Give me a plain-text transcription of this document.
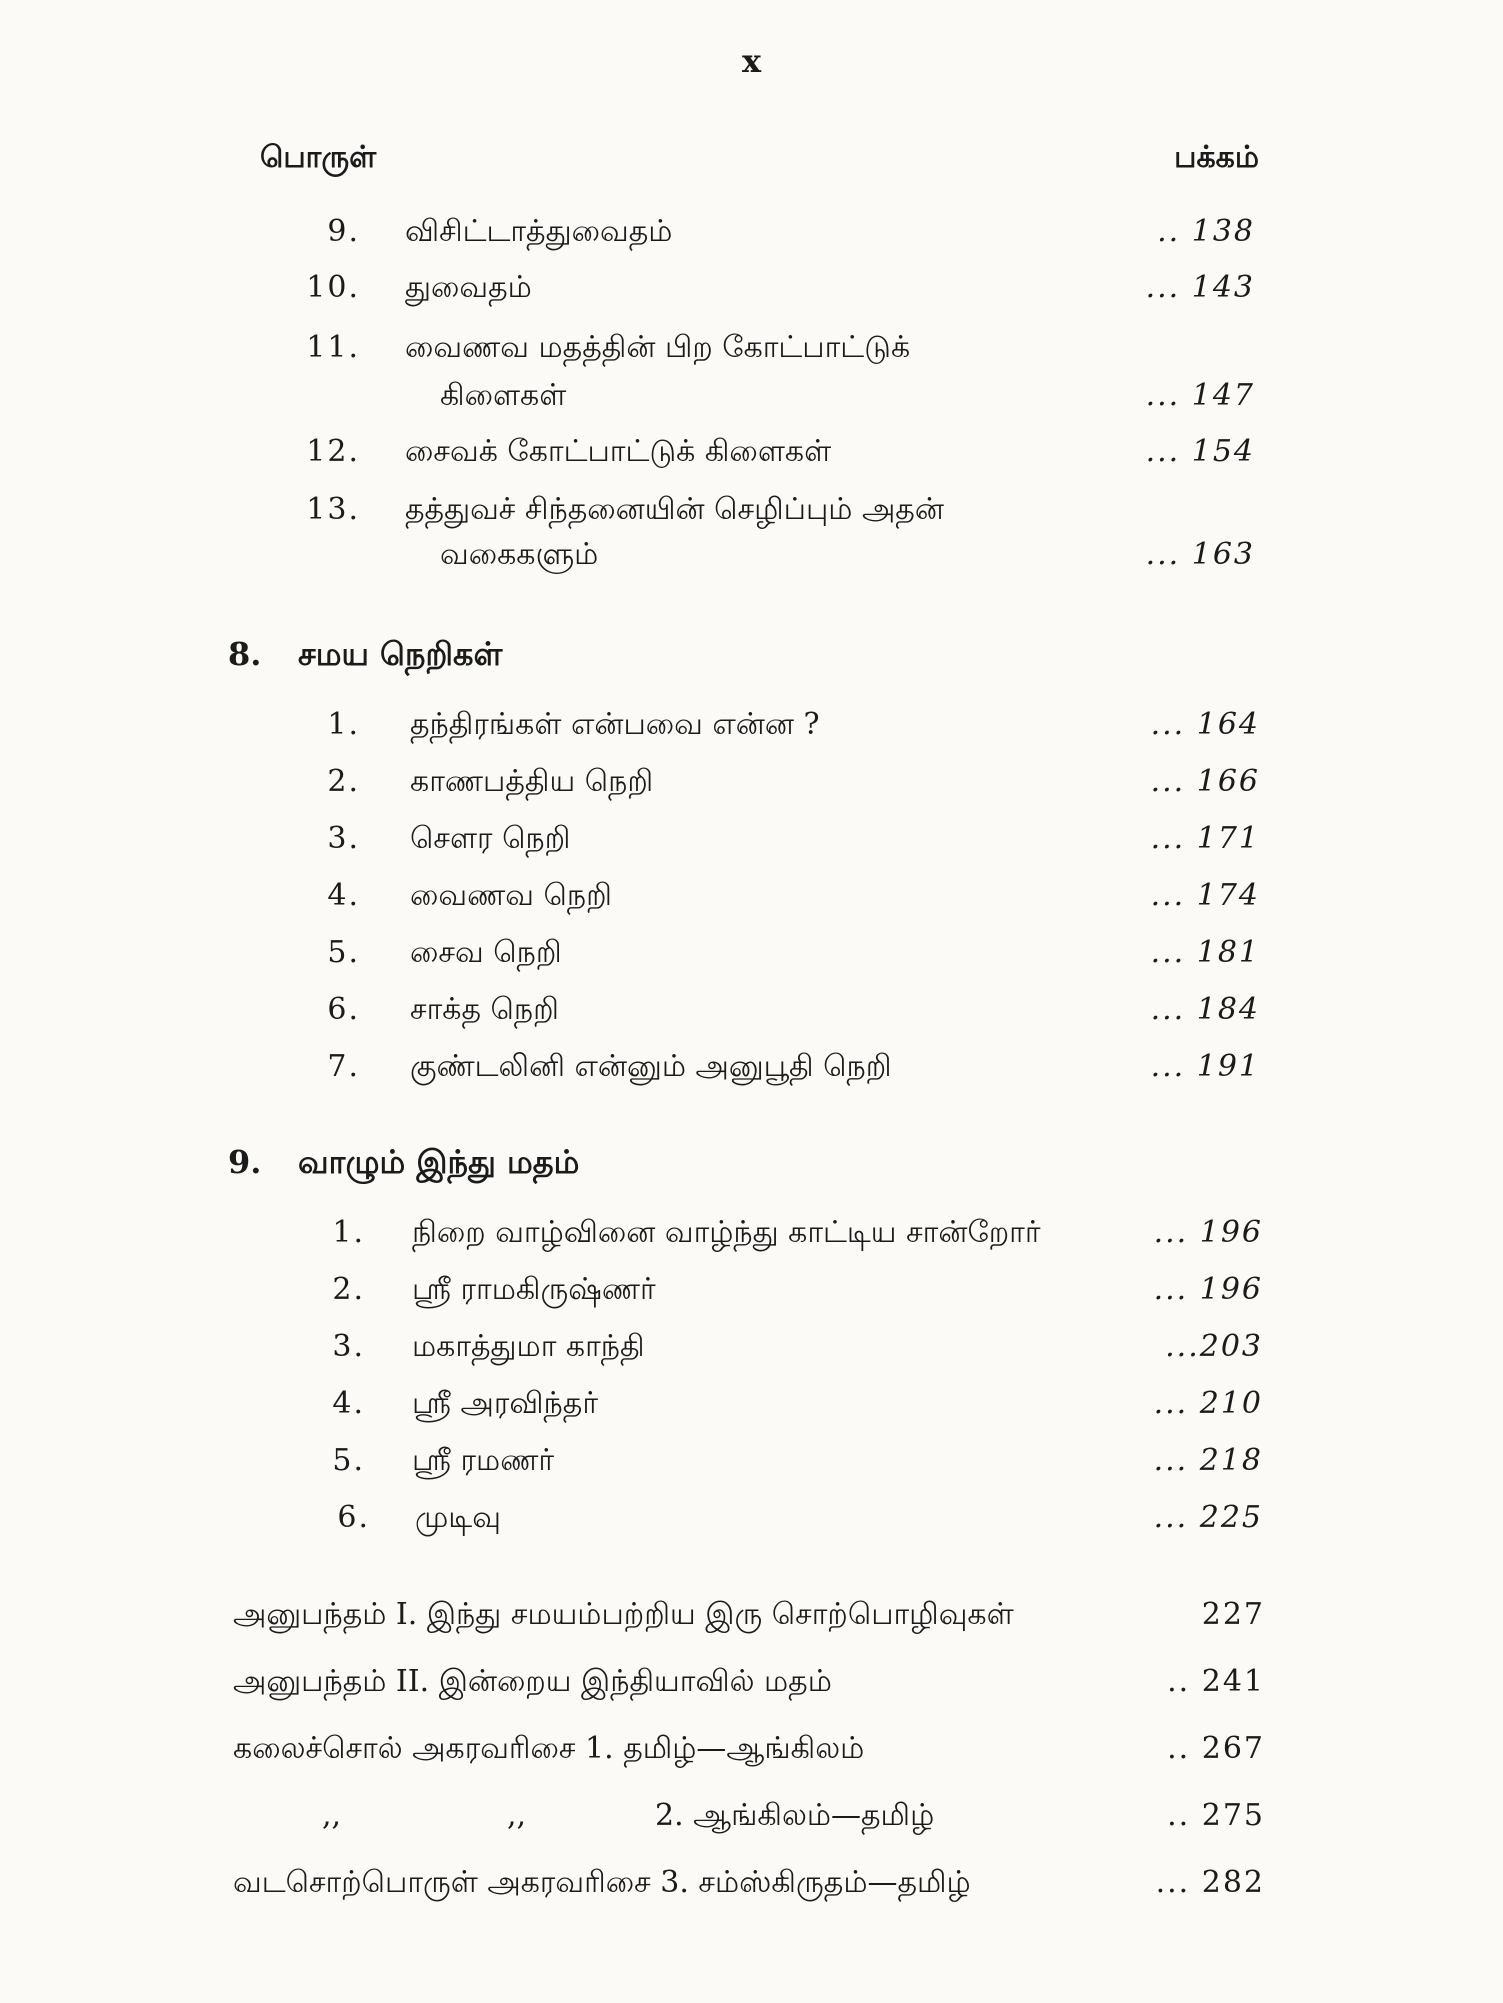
x
பொருள்	பக்கம்
9. விசிட்டாத்துவைதம்	.. 138
10. துவைதம்	... 143
11. வைணவ மதத்தின் பிற கோட்பாட்டுக்
கிளைகள்	... 147
12. சைவக் கோட்பாட்டுக் கிளைகள்	... 154
13. தத்துவச் சிந்தனையின் செழிப்பும் அதன்
வகைகளும்	... 163
8. சமய நெறிகள்
1. தந்திரங்கள் என்பவை என்ன ?	... 164
2. காணபத்திய நெறி	... 166
3. சௌர நெறி	... 171
4. வைணவ நெறி	... 174
5. சைவ நெறி	... 181
6. சாக்த நெறி	... 184
7. குண்டலினி என்னும் அனுபூதி நெறி	... 191
9. வாழும் இந்து மதம்
1. நிறை வாழ்வினை வாழ்ந்து காட்டிய சான்றோர்	... 196
2. ஸ்ரீ ராமகிருஷ்ணர்	... 196
3. மகாத்துமா காந்தி	...203
4. ஸ்ரீ அரவிந்தர்	... 210
5. ஸ்ரீ ரமணர்	... 218
6. முடிவு	... 225
அனுபந்தம் I. இந்து சமயம்பற்றிய இரு சொற்பொழிவுகள்	227
அனுபந்தம் II. இன்றைய இந்தியாவில் மதம்	.. 241
கலைச்சொல் அகரவரிசை 1. தமிழ்—ஆங்கிலம்	.. 267
,,	,,	2. ஆங்கிலம்—தமிழ்	.. 275
வடசொற்பொருள் அகரவரிசை 3. சம்ஸ்கிருதம்—தமிழ்	... 282
